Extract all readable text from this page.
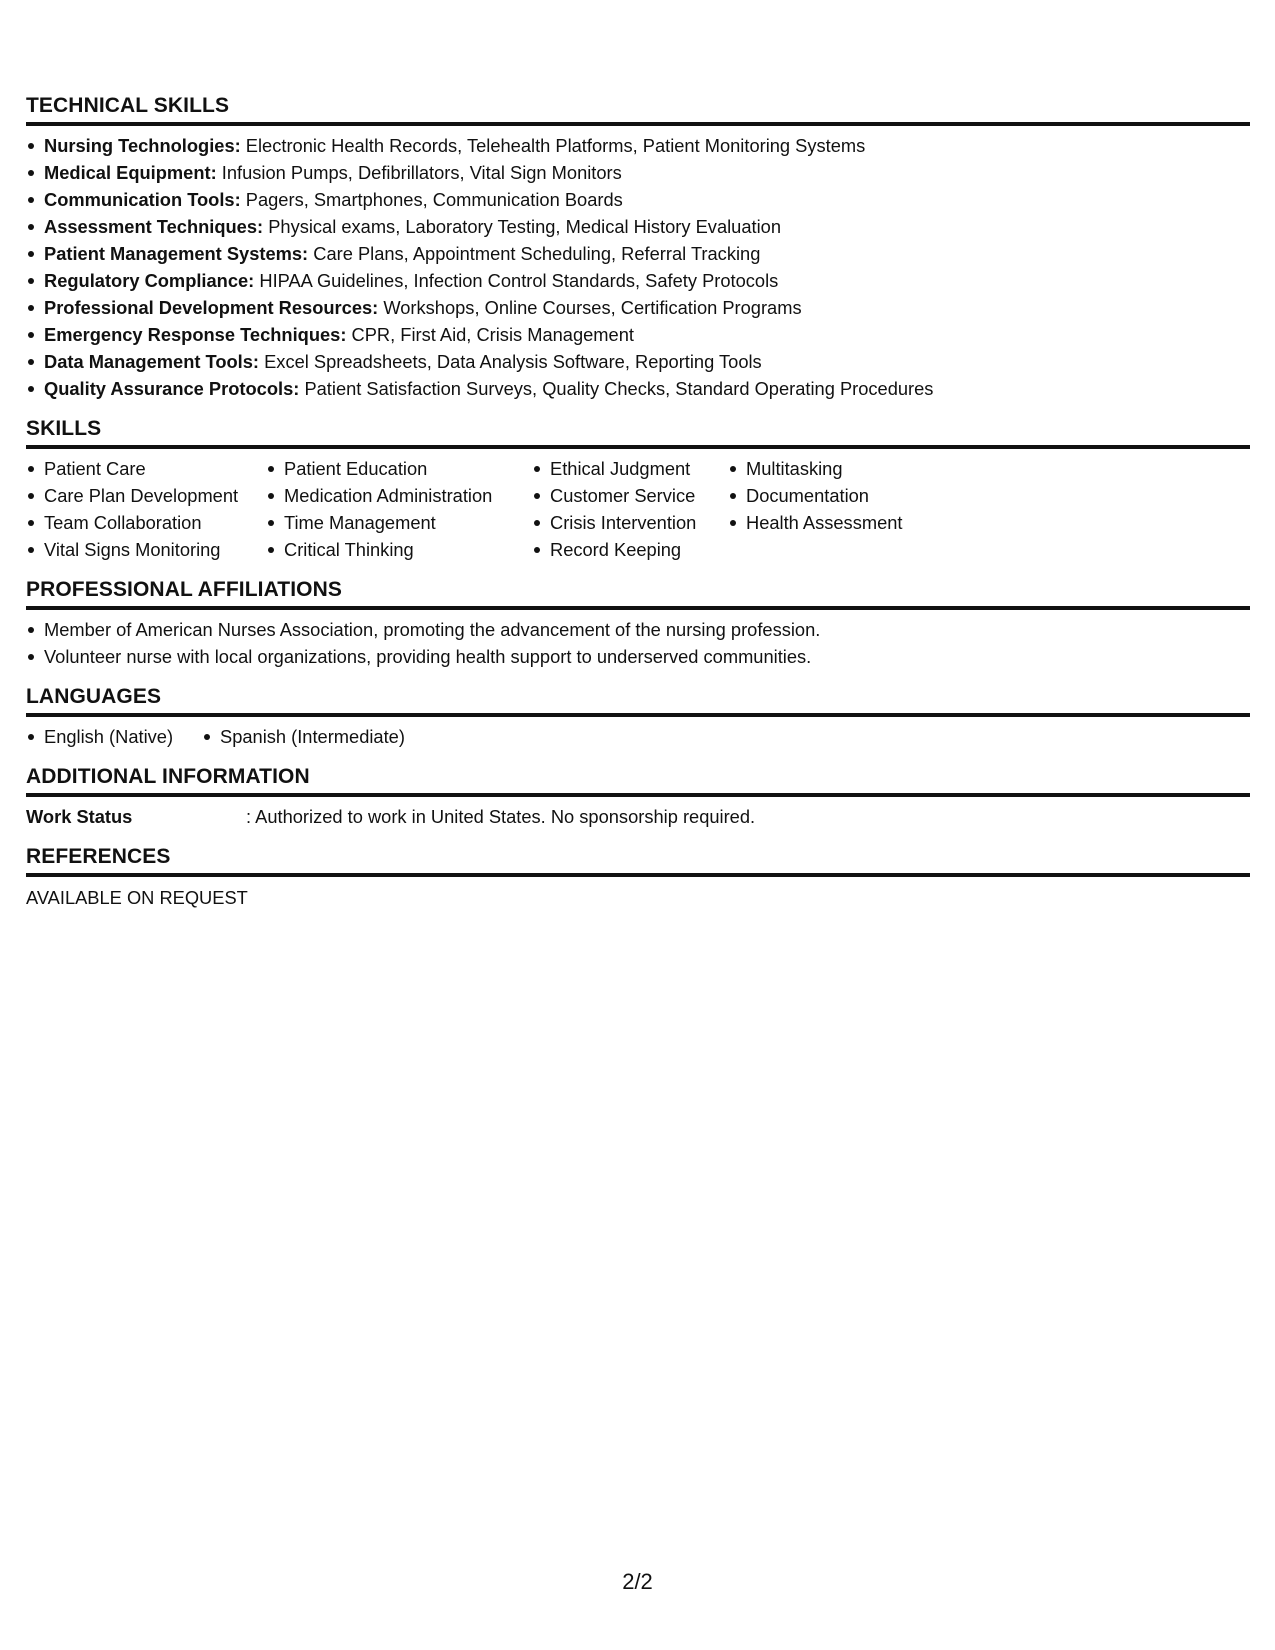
TECHNICAL SKILLS
Nursing Technologies: Electronic Health Records, Telehealth Platforms, Patient Monitoring Systems
Medical Equipment: Infusion Pumps, Defibrillators, Vital Sign Monitors
Communication Tools: Pagers, Smartphones, Communication Boards
Assessment Techniques: Physical exams, Laboratory Testing, Medical History Evaluation
Patient Management Systems: Care Plans, Appointment Scheduling, Referral Tracking
Regulatory Compliance: HIPAA Guidelines, Infection Control Standards, Safety Protocols
Professional Development Resources: Workshops, Online Courses, Certification Programs
Emergency Response Techniques: CPR, First Aid, Crisis Management
Data Management Tools: Excel Spreadsheets, Data Analysis Software, Reporting Tools
Quality Assurance Protocols: Patient Satisfaction Surveys, Quality Checks, Standard Operating Procedures
SKILLS
Patient Care
Care Plan Development
Team Collaboration
Vital Signs Monitoring
Patient Education
Medication Administration
Time Management
Critical Thinking
Ethical Judgment
Customer Service
Crisis Intervention
Record Keeping
Multitasking
Documentation
Health Assessment
PROFESSIONAL AFFILIATIONS
Member of American Nurses Association, promoting the advancement of the nursing profession.
Volunteer nurse with local organizations, providing health support to underserved communities.
LANGUAGES
English (Native)	Spanish (Intermediate)
ADDITIONAL INFORMATION
Work Status	: Authorized to work in United States. No sponsorship required.
REFERENCES
AVAILABLE ON REQUEST
2/2
